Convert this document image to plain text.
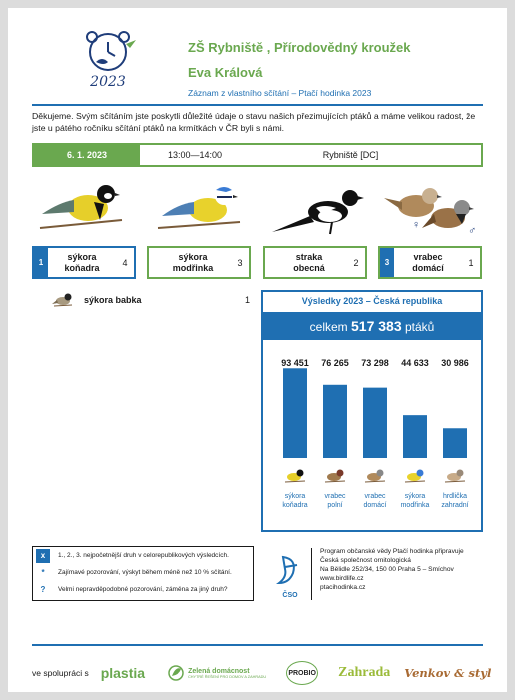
2023
ZŠ Rybniště , Přírodovědný kroužek
Eva Králová
Záznam z vlastního sčítání – Ptačí hodinka 2023
Děkujeme. Svým sčítáním jste poskytli důležité údaje o stavu našich přezimujících ptáků a máme velikou radost, že jste u pátého ročníku sčítání ptáků na krmítkách v ČR byli s námi.
6. 1. 2023	13:00—14:00	Rybniště [DC]
♀	♂
1
sýkora
koňadra	4
sýkora
modřinka	3
straka
obecná	2	3
vrabec
domácí	1
sýkora babka	1	Výsledky 2023 – Česká republika
celkem 517 383 ptáků
93 451
sýkora
koňadra
76 265
vrabec
polní
73 298
vrabec
domácí
44 633
sýkora
modřinka
30 986
hrdlička
zahradní
x	1., 2., 3. nejpočetnější druh v celorepublikových výsledcích.
*	Zajímavé pozorování, výskyt během méně než 10 % sčítání.
?	Velmi nepravděpodobné pozorování, záměna za jiný druh?
ČSO
Program občanské vědy Ptačí hodinka připravuje
Česká společnost ornitologická
Na Bělidle 252/34, 150 00 Praha 5 – Smíchov
www.birdlife.cz
ptacihodinka.cz
ve spolupráci s plastia	Zelená domácnost
CHYTRÉ ŘEŠENÍ PRO DOMOV A ZAHRADU	PROBIO Zahrada Venkov & styl
